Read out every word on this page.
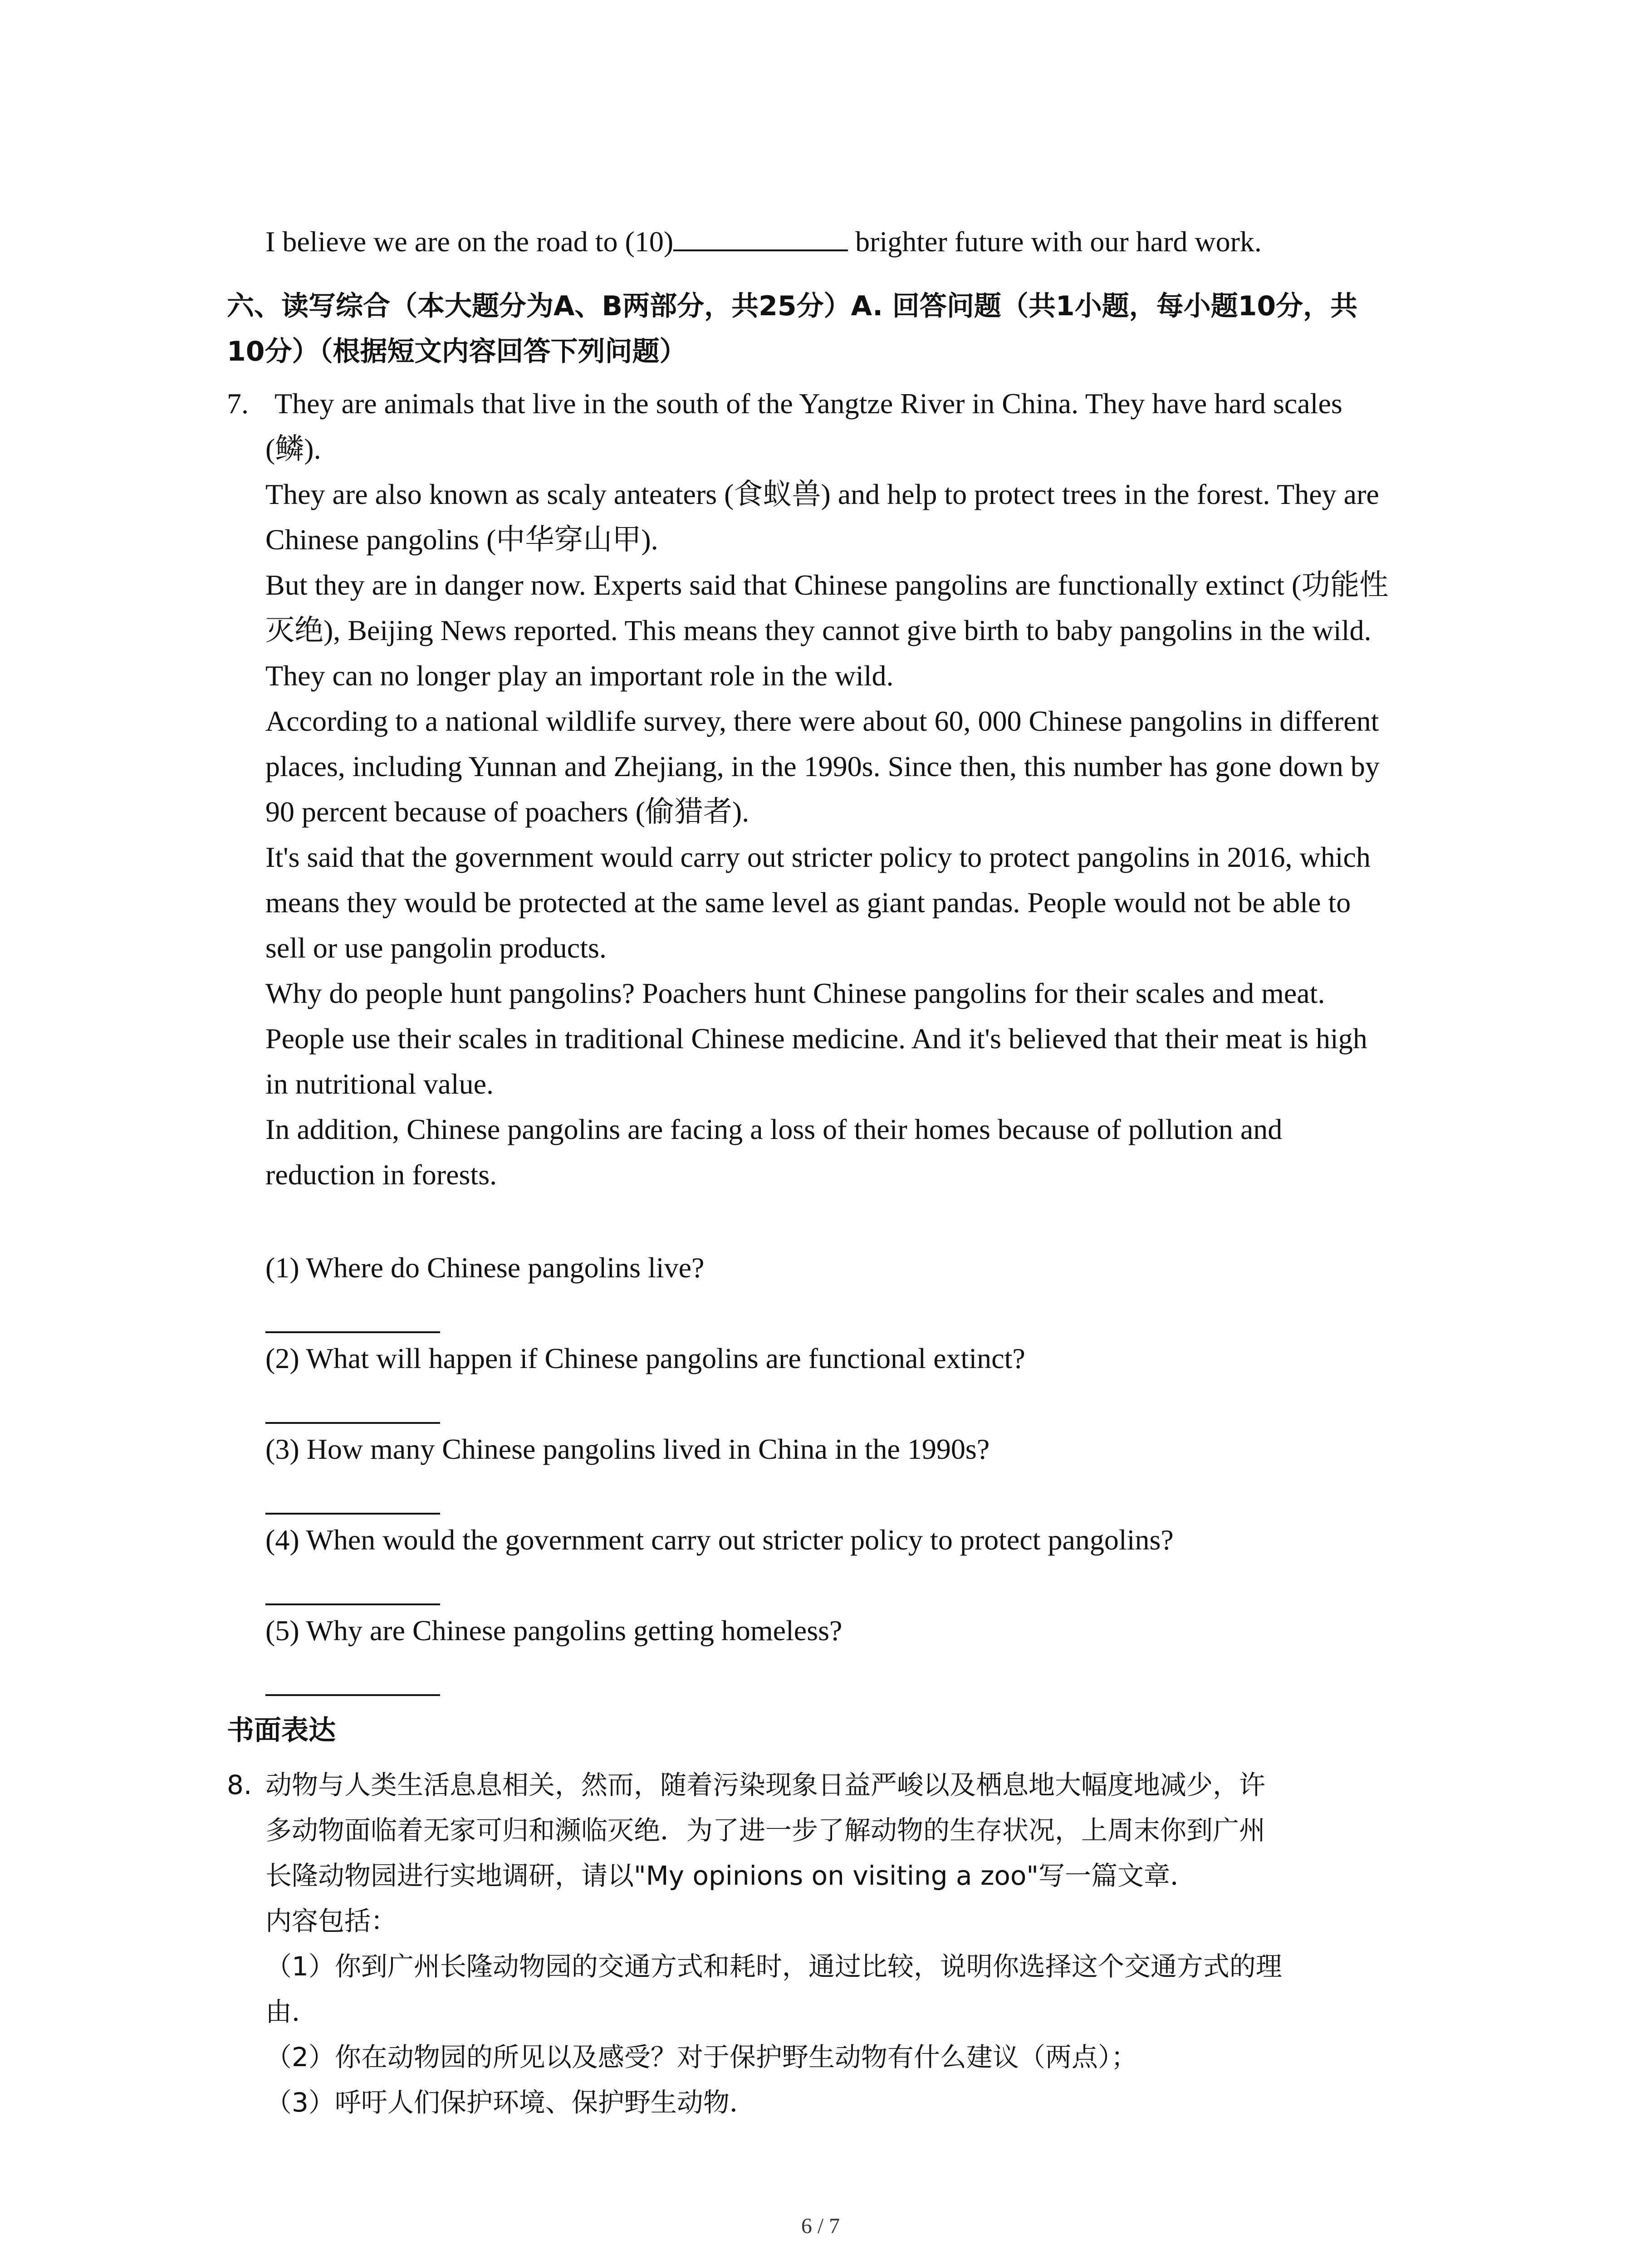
I believe we are on the road to (10)	brighter future with our hard work.
六、读写综合（本大题分为A、B两部分，共25分）A. 回答问题（共1小题，每小题10分，共
10分）（根据短文内容回答下列问题）
7. They are animals that live in the south of the Yangtze River in China. They have hard scales
(鳞).
They are also known as scaly anteaters (食蚁兽) and help to protect trees in the forest. They are
Chinese pangolins (中华穿山甲).
But they are in danger now. Experts said that Chinese pangolins are functionally extinct (功能性
灭绝), Beijing News reported. This means they cannot give birth to baby pangolins in the wild.
They can no longer play an important role in the wild.
According to a national wildlife survey, there were about 60, 000 Chinese pangolins in different
places, including Yunnan and Zhejiang, in the 1990s. Since then, this number has gone down by
90 percent because of poachers (偷猎者).
It's said that the government would carry out stricter policy to protect pangolins in 2016, which
means they would be protected at the same level as giant pandas. People would not be able to
sell or use pangolin products.
Why do people hunt pangolins? Poachers hunt Chinese pangolins for their scales and meat.
People use their scales in traditional Chinese medicine. And it's believed that their meat is high
in nutritional value.
In addition, Chinese pangolins are facing a loss of their homes because of pollution and
reduction in forests.
(1) Where do Chinese pangolins live?
(2) What will happen if Chinese pangolins are functional extinct?
(3) How many Chinese pangolins lived in China in the 1990s?
(4) When would the government carry out stricter policy to protect pangolins?
(5) Why are Chinese pangolins getting homeless?
书面表达
8. 动物与人类生活息息相关，然而，随着污染现象日益严峻以及栖息地大幅度地减少，许
多动物面临着无家可归和濒临灭绝．为了进一步了解动物的生存状况，上周末你到广州
长隆动物园进行实地调研，请以"My opinions on visiting a zoo"写一篇文章．
内容包括：
（1）你到广州长隆动物园的交通方式和耗时，通过比较，说明你选择这个交通方式的理
由．
（2）你在动物园的所见以及感受？对于保护野生动物有什么建议（两点）；
（3）呼吁人们保护环境、保护野生动物．
6 / 7
